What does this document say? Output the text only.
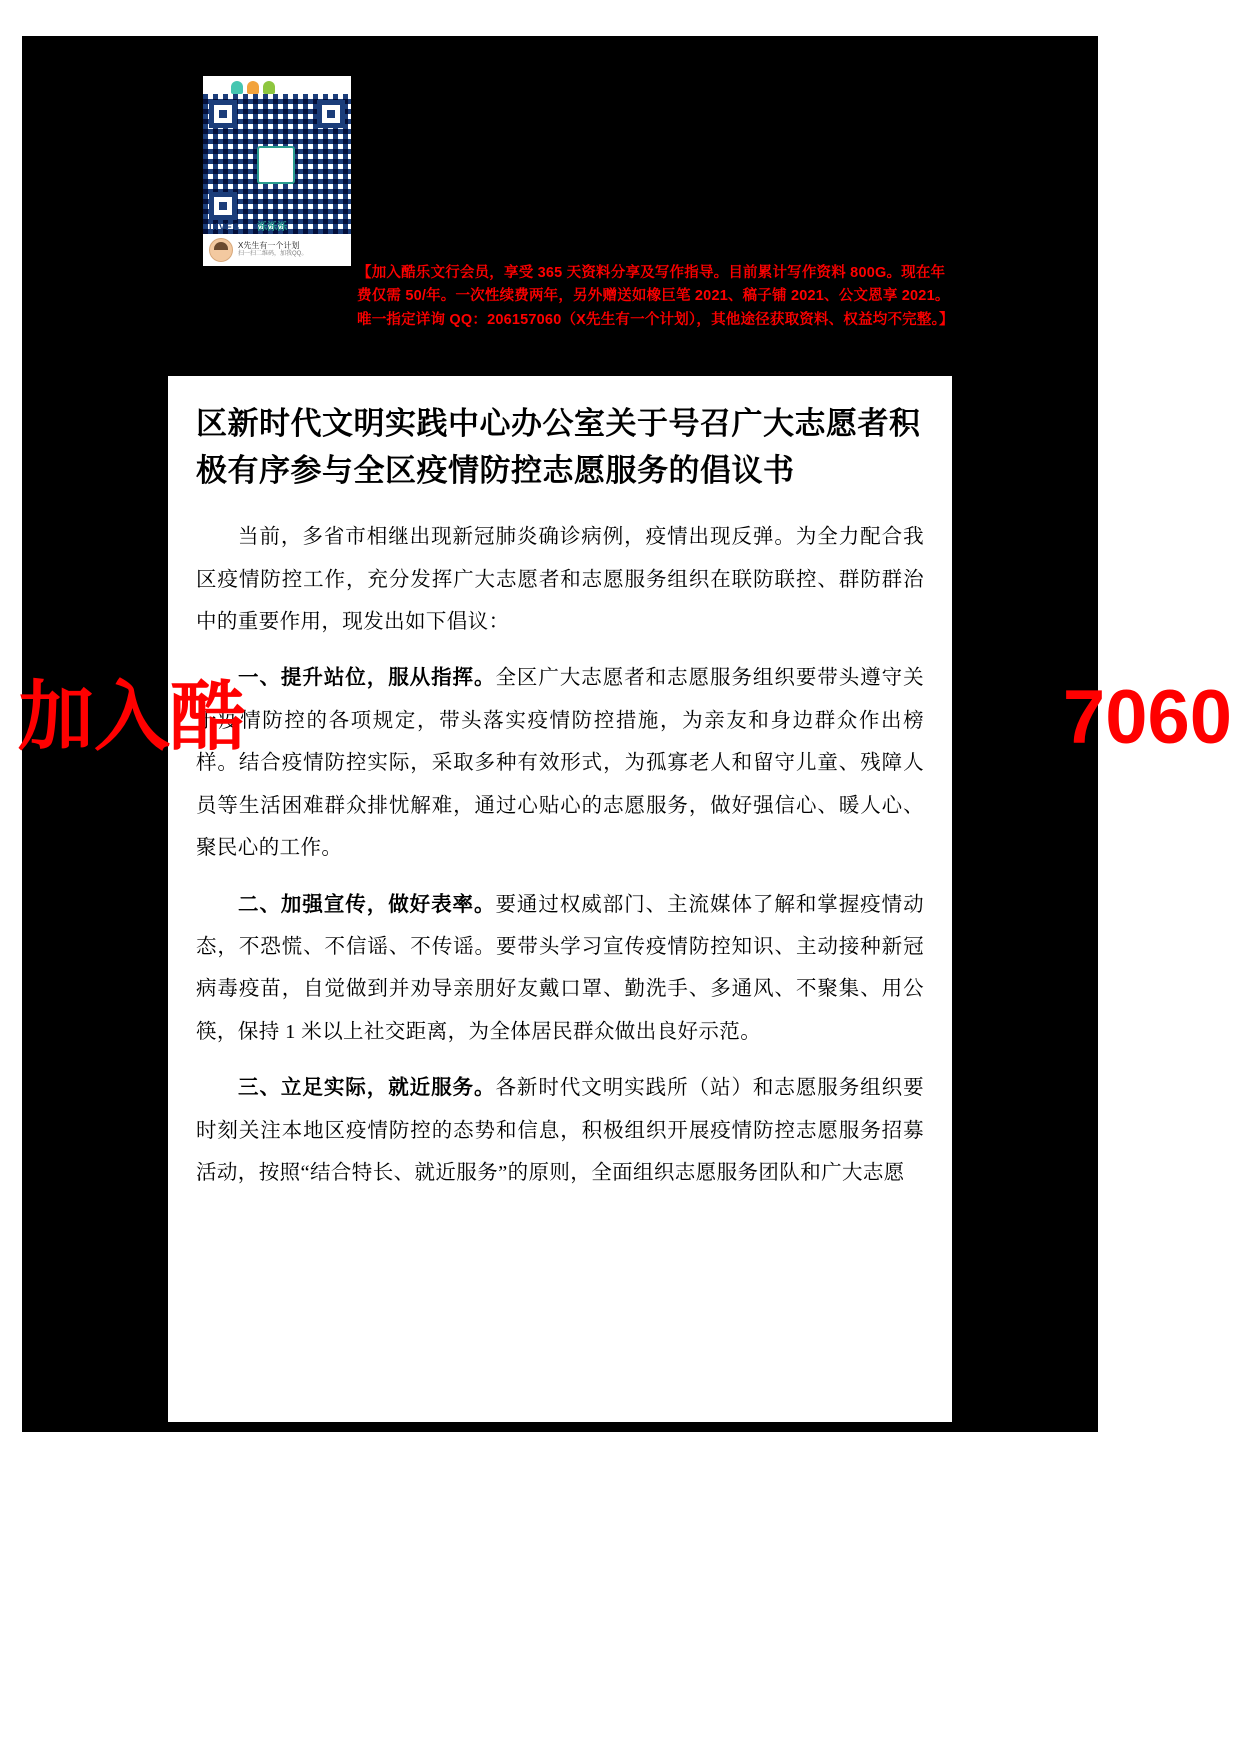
LIVES 泺泺泺
X先生有一个计划
扫一扫二维码，加我QQ。
【加入酷乐文行会员，享受 365 天资料分享及写作指导。目前累计写作资料 800G。现在年费仅需 50/年。一次性续费两年，另外赠送如橡巨笔 2021、稿子铺 2021、公文恩享 2021。唯一指定详询 QQ：206157060（X先生有一个计划），其他途径获取资料、权益均不完整。】
加入酷	7060
区新时代文明实践中心办公室关于号召广大志愿者积极有序参与全区疫情防控志愿服务的倡议书

当前，多省市相继出现新冠肺炎确诊病例，疫情出现反弹。为全力配合我区疫情防控工作，充分发挥广大志愿者和志愿服务组织在联防联控、群防群治中的重要作用，现发出如下倡议：

一、提升站位，服从指挥。全区广大志愿者和志愿服务组织要带头遵守关于疫情防控的各项规定，带头落实疫情防控措施，为亲友和身边群众作出榜样。结合疫情防控实际，采取多种有效形式，为孤寡老人和留守儿童、残障人员等生活困难群众排忧解难，通过心贴心的志愿服务，做好强信心、暖人心、聚民心的工作。

二、加强宣传，做好表率。要通过权威部门、主流媒体了解和掌握疫情动态，不恐慌、不信谣、不传谣。要带头学习宣传疫情防控知识、主动接种新冠病毒疫苗，自觉做到并劝导亲朋好友戴口罩、勤洗手、多通风、不聚集、用公筷，保持 1 米以上社交距离，为全体居民群众做出良好示范。

三、立足实际，就近服务。各新时代文明实践所（站）和志愿服务组织要时刻关注本地区疫情防控的态势和信息，积极组织开展疫情防控志愿服务招募活动，按照“结合特长、就近服务”的原则，全面组织志愿服务团队和广大志愿
